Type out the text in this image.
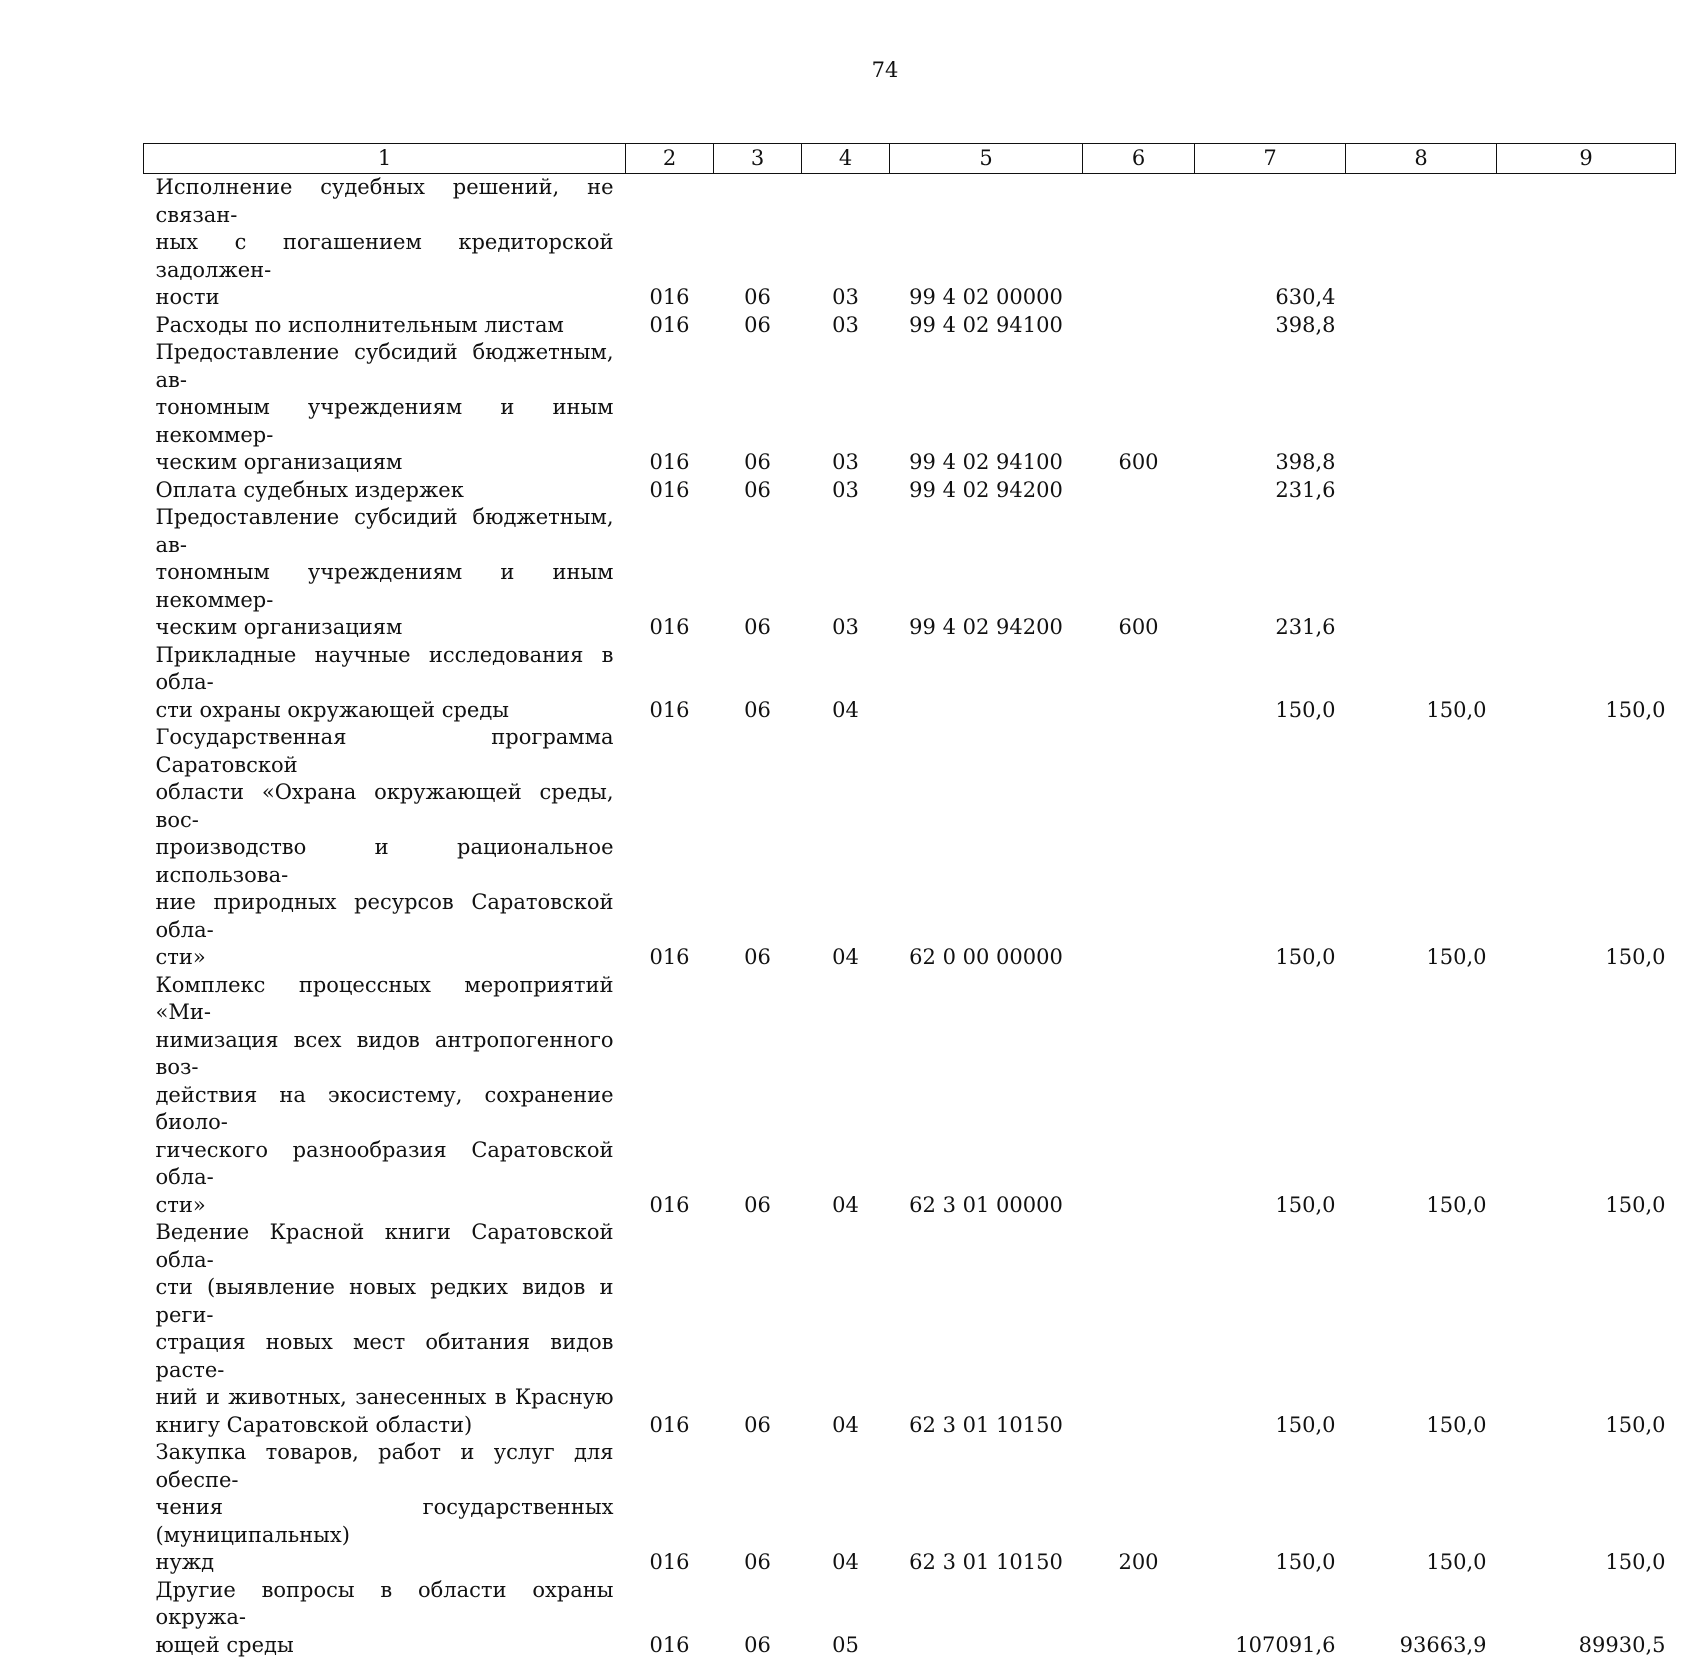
74
1	2	3	4	5	6	7	8	9

Исполнение судебных решений, не связан-
ных с погашением кредиторской задолжен-
ности	016	06	03	99 4 02 00000		630,4		

Расходы по исполнительным листам	016	06	03	99 4 02 94100		398,8		

Предоставление субсидий бюджетным, ав-
тономным учреждениям и иным некоммер-
ческим организациям	016	06	03	99 4 02 94100	600	398,8		

Оплата судебных издержек	016	06	03	99 4 02 94200		231,6		

Предоставление субсидий бюджетным, ав-
тономным учреждениям и иным некоммер-
ческим организациям	016	06	03	99 4 02 94200	600	231,6		

Прикладные научные исследования в обла-
сти охраны окружающей среды	016	06	04			150,0	150,0	150,0

Государственная программа Саратовской
области «Охрана окружающей среды, вос-
производство и рациональное использова-
ние природных ресурсов Саратовской обла-
сти»	016	06	04	62 0 00 00000		150,0	150,0	150,0

Комплекс процессных мероприятий «Ми-
нимизация всех видов антропогенного воз-
действия на экосистему, сохранение биоло-
гического разнообразия Саратовской обла-
сти»	016	06	04	62 3 01 00000		150,0	150,0	150,0

Ведение Красной книги Саратовской обла-
сти (выявление новых редких видов и реги-
страция новых мест обитания видов расте-
ний и животных, занесенных в Красную
книгу Саратовской области)	016	06	04	62 3 01 10150		150,0	150,0	150,0

Закупка товаров, работ и услуг для обеспе-
чения государственных (муниципальных)
нужд	016	06	04	62 3 01 10150	200	150,0	150,0	150,0

Другие вопросы в области охраны окружа-
ющей среды	016	06	05			107091,6	93663,9	89930,5
